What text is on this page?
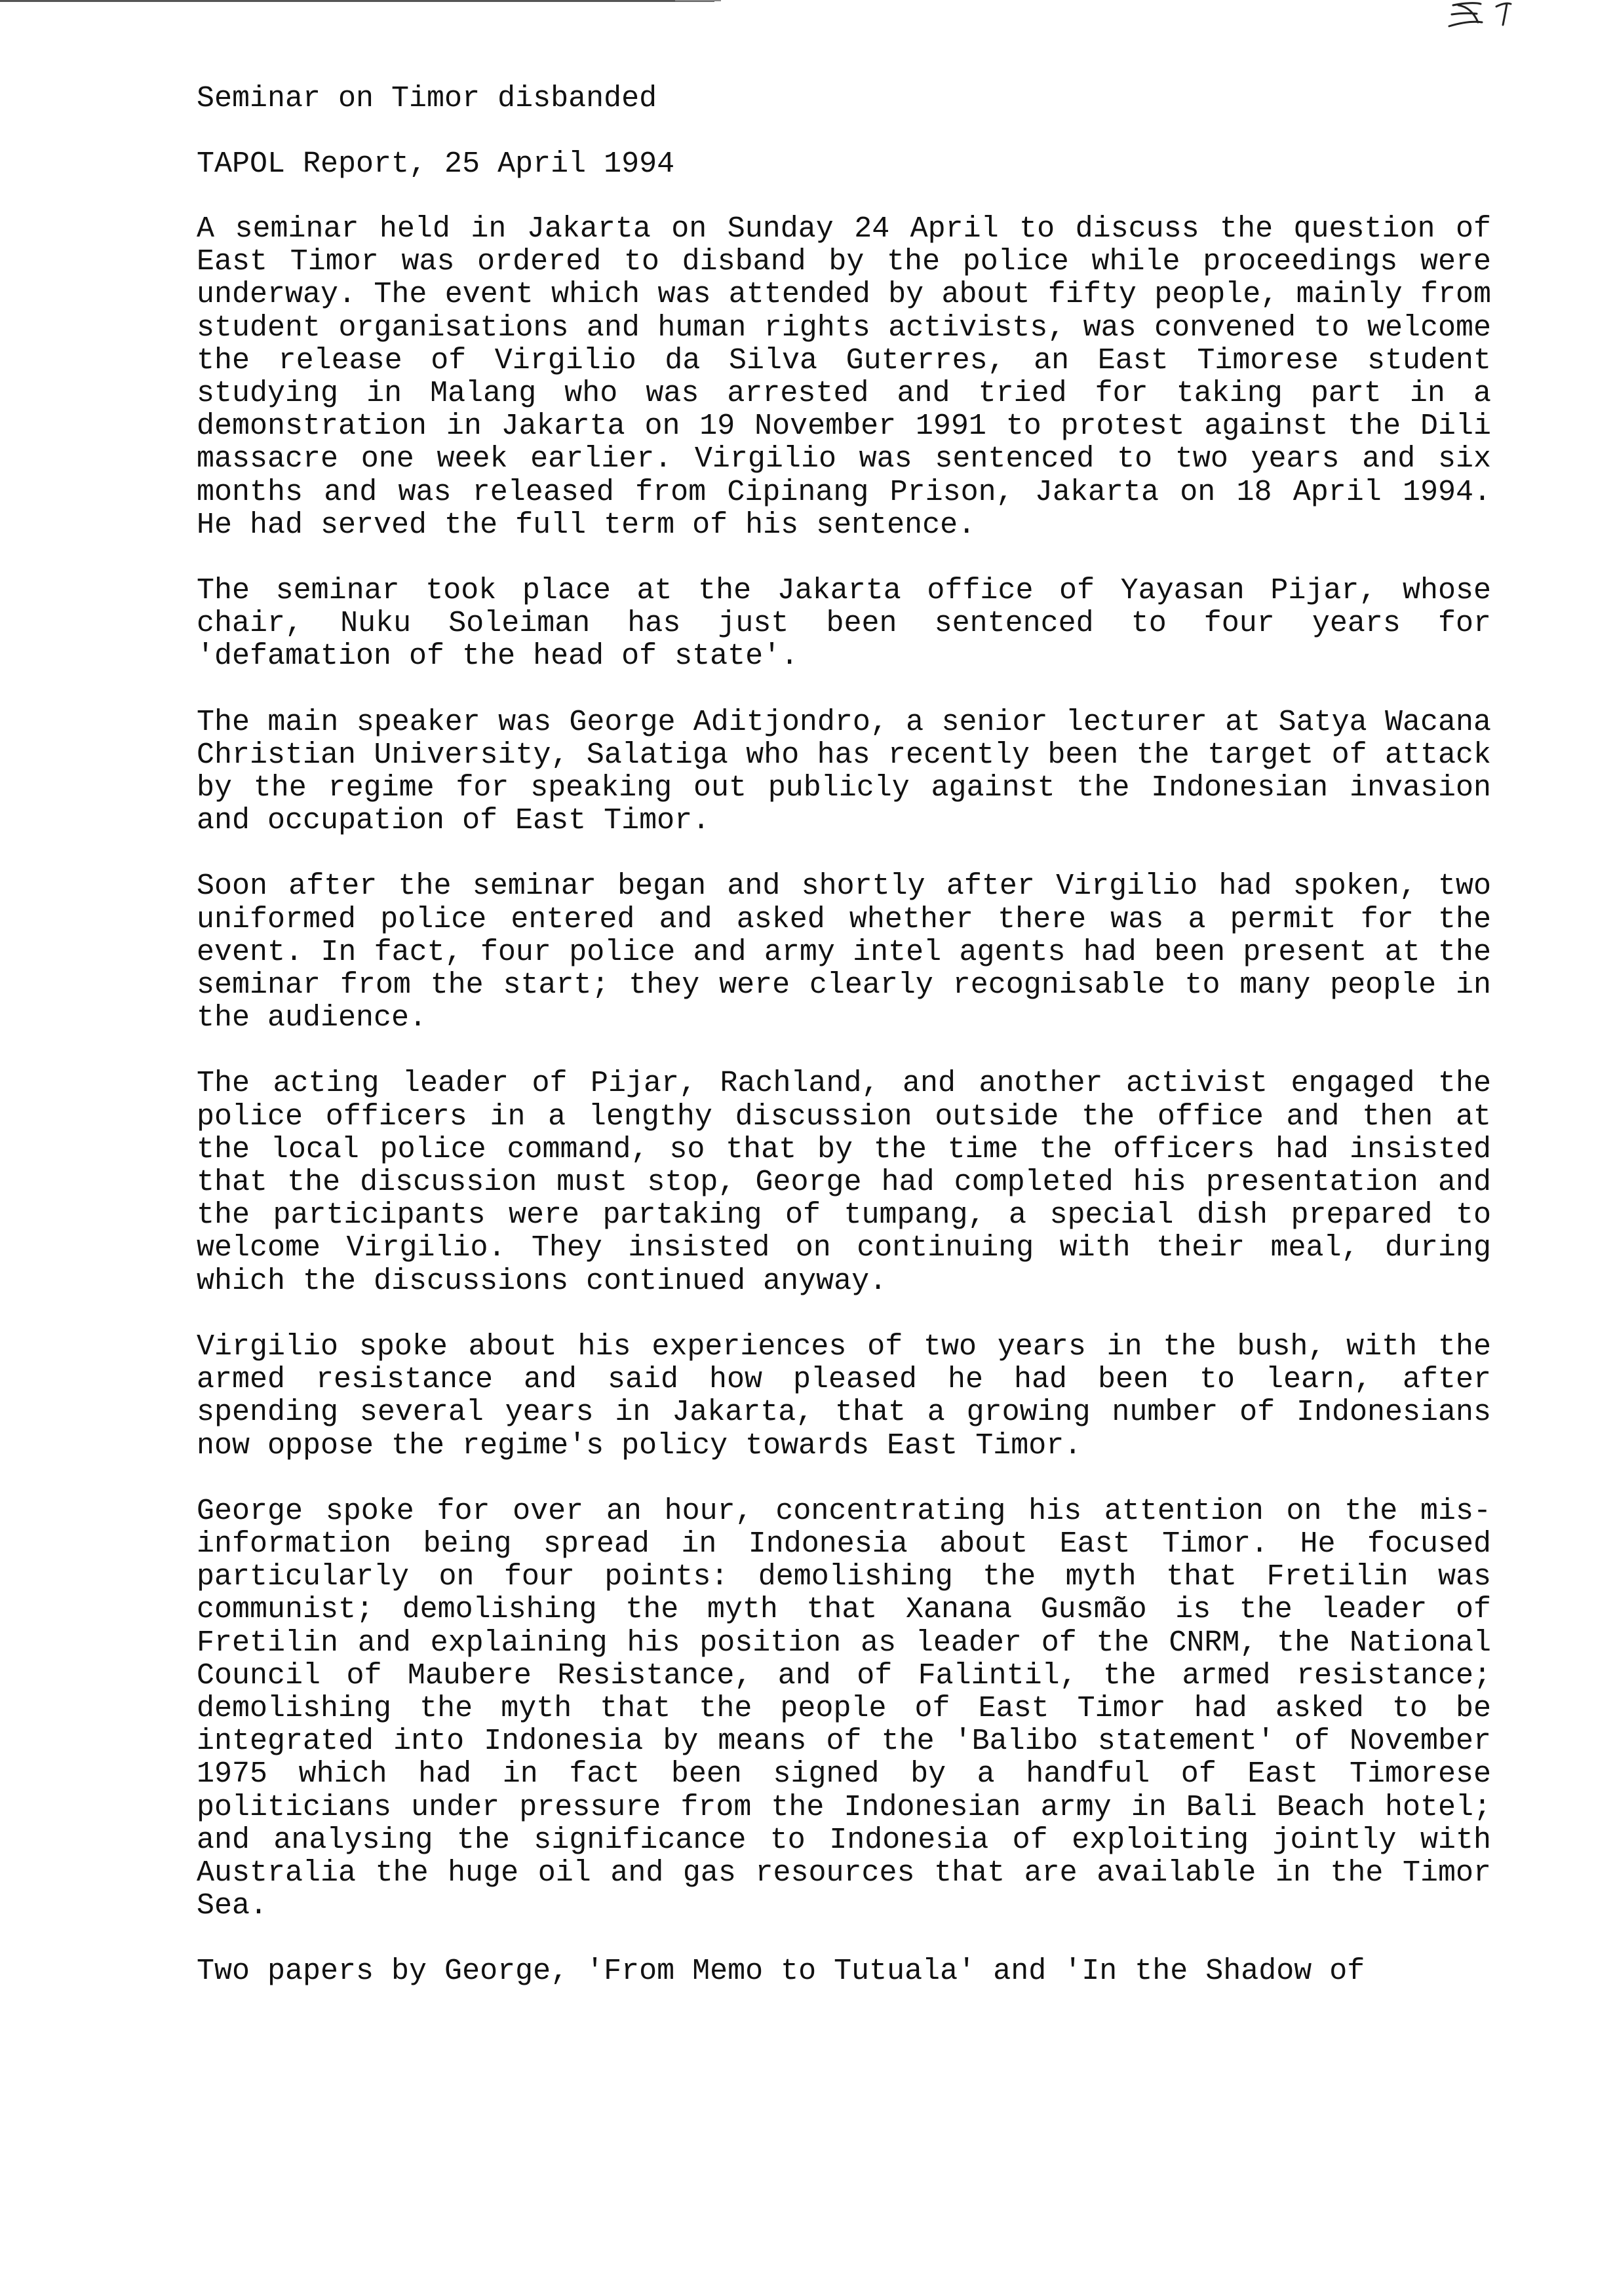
Seminar on Timor disbanded
TAPOL Report, 25 April 1994

A seminar held in Jakarta on Sunday 24 April to discuss the question of East Timor was ordered to disband by the police while proceedings were underway. The event which was attended by about fifty people, mainly from student organisations and human rights activists, was convened to welcome the release of Virgilio da Silva Guterres, an East Timorese student studying in Malang who was arrested and tried for taking part in a demonstration in Jakarta on 19 November 1991 to protest against the Dili massacre one week earlier. Virgilio was sentenced to two years and six months and was released from Cipinang Prison, Jakarta on 18 April 1994. He had served the full term of his sentence.

The seminar took place at the Jakarta office of Yayasan Pijar, whose chair, Nuku Soleiman has just been sentenced to four years for 'defamation of the head of state'.

The main speaker was George Aditjondro, a senior lecturer at Satya Wacana Christian University, Salatiga who has recently been the target of attack by the regime for speaking out publicly against the Indonesian invasion and occupation of East Timor.

Soon after the seminar began and shortly after Virgilio had spoken, two uniformed police entered and asked whether there was a permit for the event. In fact, four police and army intel agents had been present at the seminar from the start; they were clearly recognisable to many people in the audience.

The acting leader of Pijar, Rachland, and another activist engaged the police officers in a lengthy discussion outside the office and then at the local police command, so that by the time the officers had insisted that the discussion must stop, George had completed his presentation and the participants were partaking of tumpang, a special dish prepared to welcome Virgilio. They insisted on continuing with their meal, during which the discussions continued anyway.

Virgilio spoke about his experiences of two years in the bush, with the armed resistance and said how pleased he had been to learn, after spending several years in Jakarta, that a growing number of Indonesians now oppose the regime's policy towards East Timor.

George spoke for over an hour, concentrating his attention on the mis-information being spread in Indonesia about East Timor. He focused particularly on four points: demolishing the myth that Fretilin was communist; demolishing the myth that Xanana Gusmão is the leader of Fretilin and explaining his position as leader of the CNRM, the National Council of Maubere Resistance, and of Falintil, the armed resistance; demolishing the myth that the people of East Timor had asked to be integrated into Indonesia by means of the 'Balibo statement' of November 1975 which had in fact been signed by a handful of East Timorese politicians under pressure from the Indonesian army in Bali Beach hotel; and analysing the significance to Indonesia of exploiting jointly with Australia the huge oil and gas resources that are available in the Timor Sea.

Two papers by George, 'From Memo to Tutuala' and 'In the Shadow of
